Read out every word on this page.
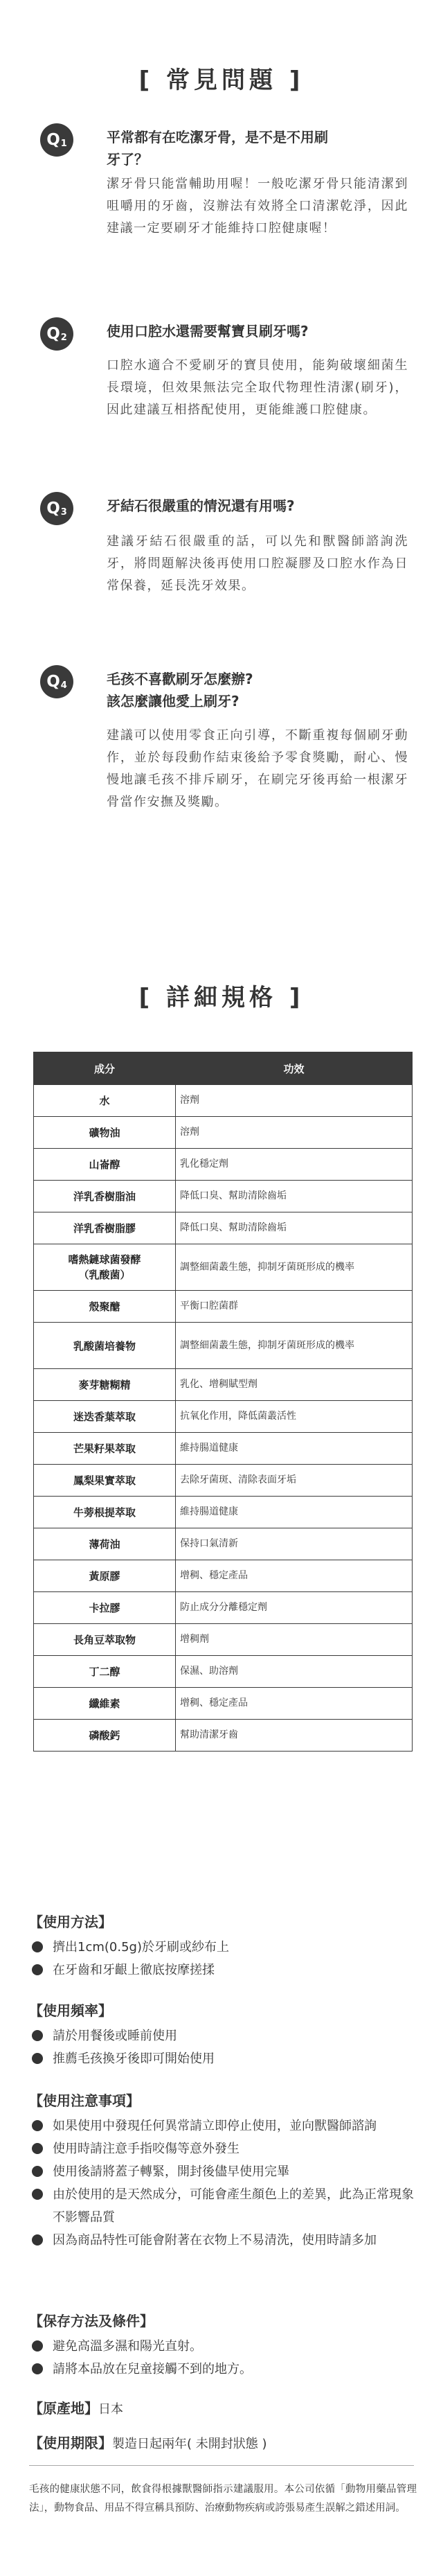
[ 常見問題 ]
$Q_1$	平常都有在吃潔牙骨，是不是不用刷
牙了？
潔牙骨只能當輔助用喔！一般吃潔牙骨只能清潔到咀嚼用的牙齒，沒辦法有效將全口清潔乾淨，因此建議一定要刷牙才能維持口腔健康喔！
$Q_2$	使用口腔水還需要幫寶貝刷牙嗎?
口腔水適合不愛刷牙的寶貝使用，能夠破壞細菌生長環境，但效果無法完全取代物理性清潔(刷牙)，因此建議互相搭配使用，更能維護口腔健康。
$Q_3$	牙結石很嚴重的情況還有用嗎?
建議牙結石很嚴重的話，可以先和獸醫師諮詢洗牙，將問題解決後再使用口腔凝膠及口腔水作為日常保養，延長洗牙效果。
$Q_4$	毛孩不喜歡刷牙怎麼辦?
該怎麼讓他愛上刷牙?
建議可以使用零食正向引導，不斷重複每個刷牙動作，並於每段動作結束後給予零食獎勵，耐心、慢慢地讓毛孩不排斥刷牙，在刷完牙後再給一根潔牙骨當作安撫及獎勵。
[ 詳細規格 ]
成分	功效
水	溶劑
礦物油	溶劑
山崙醇	乳化穩定劑
洋乳香樹脂油	降低口臭、幫助清除齒垢
洋乳香樹脂膠	降低口臭、幫助清除齒垢
嗜熱鏈球菌發酵
（乳酸菌）	調整細菌叢生態，抑制牙菌斑形成的機率
殼聚醣	平衡口腔菌群
乳酸菌培養物	調整細菌叢生態，抑制牙菌斑形成的機率
麥芽糖糊精	乳化、增稠賦型劑
迷迭香葉萃取	抗氧化作用，降低菌叢活性
芒果籽果萃取	維持腸道健康
鳳梨果實萃取	去除牙菌斑、清除表面牙垢
牛蒡根提萃取	維持腸道健康
薄荷油	保持口氣清新
黃原膠	增稠、穩定產品
卡拉膠	防止成分分離穩定劑
長角豆萃取物	增稠劑
丁二醇	保濕、助溶劑
纖維素	增稠、穩定產品
磷酸鈣	幫助清潔牙齒
【使用方法】
擠出1cm(0.5g)於牙刷或紗布上
在牙齒和牙齦上徹底按摩搓揉
【使用頻率】
請於用餐後或睡前使用
推薦毛孩換牙後即可開始使用
【使用注意事項】
如果使用中發現任何異常請立即停止使用，並向獸醫師諮詢
使用時請注意手指咬傷等意外發生
使用後請將蓋子轉緊，開封後儘早使用完畢
由於使用的是天然成分，可能會產生顏色上的差異，此為正常現象不影響品質
因為商品特性可能會附著在衣物上不易清洗，使用時請多加
【保存方法及條件】
避免高溫多濕和陽光直射。
請將本品放在兒童接觸不到的地方。
【原產地】日本
【使用期限】製造日起兩年( 未開封狀態 )
毛孩的健康狀態不同，飲食得根據獸醫師指示建議服用。本公司依循「動物用藥品管理法」，動物食品、用品不得宣稱具預防、治療動物疾病或誇張易產生誤解之錯述用詞。
